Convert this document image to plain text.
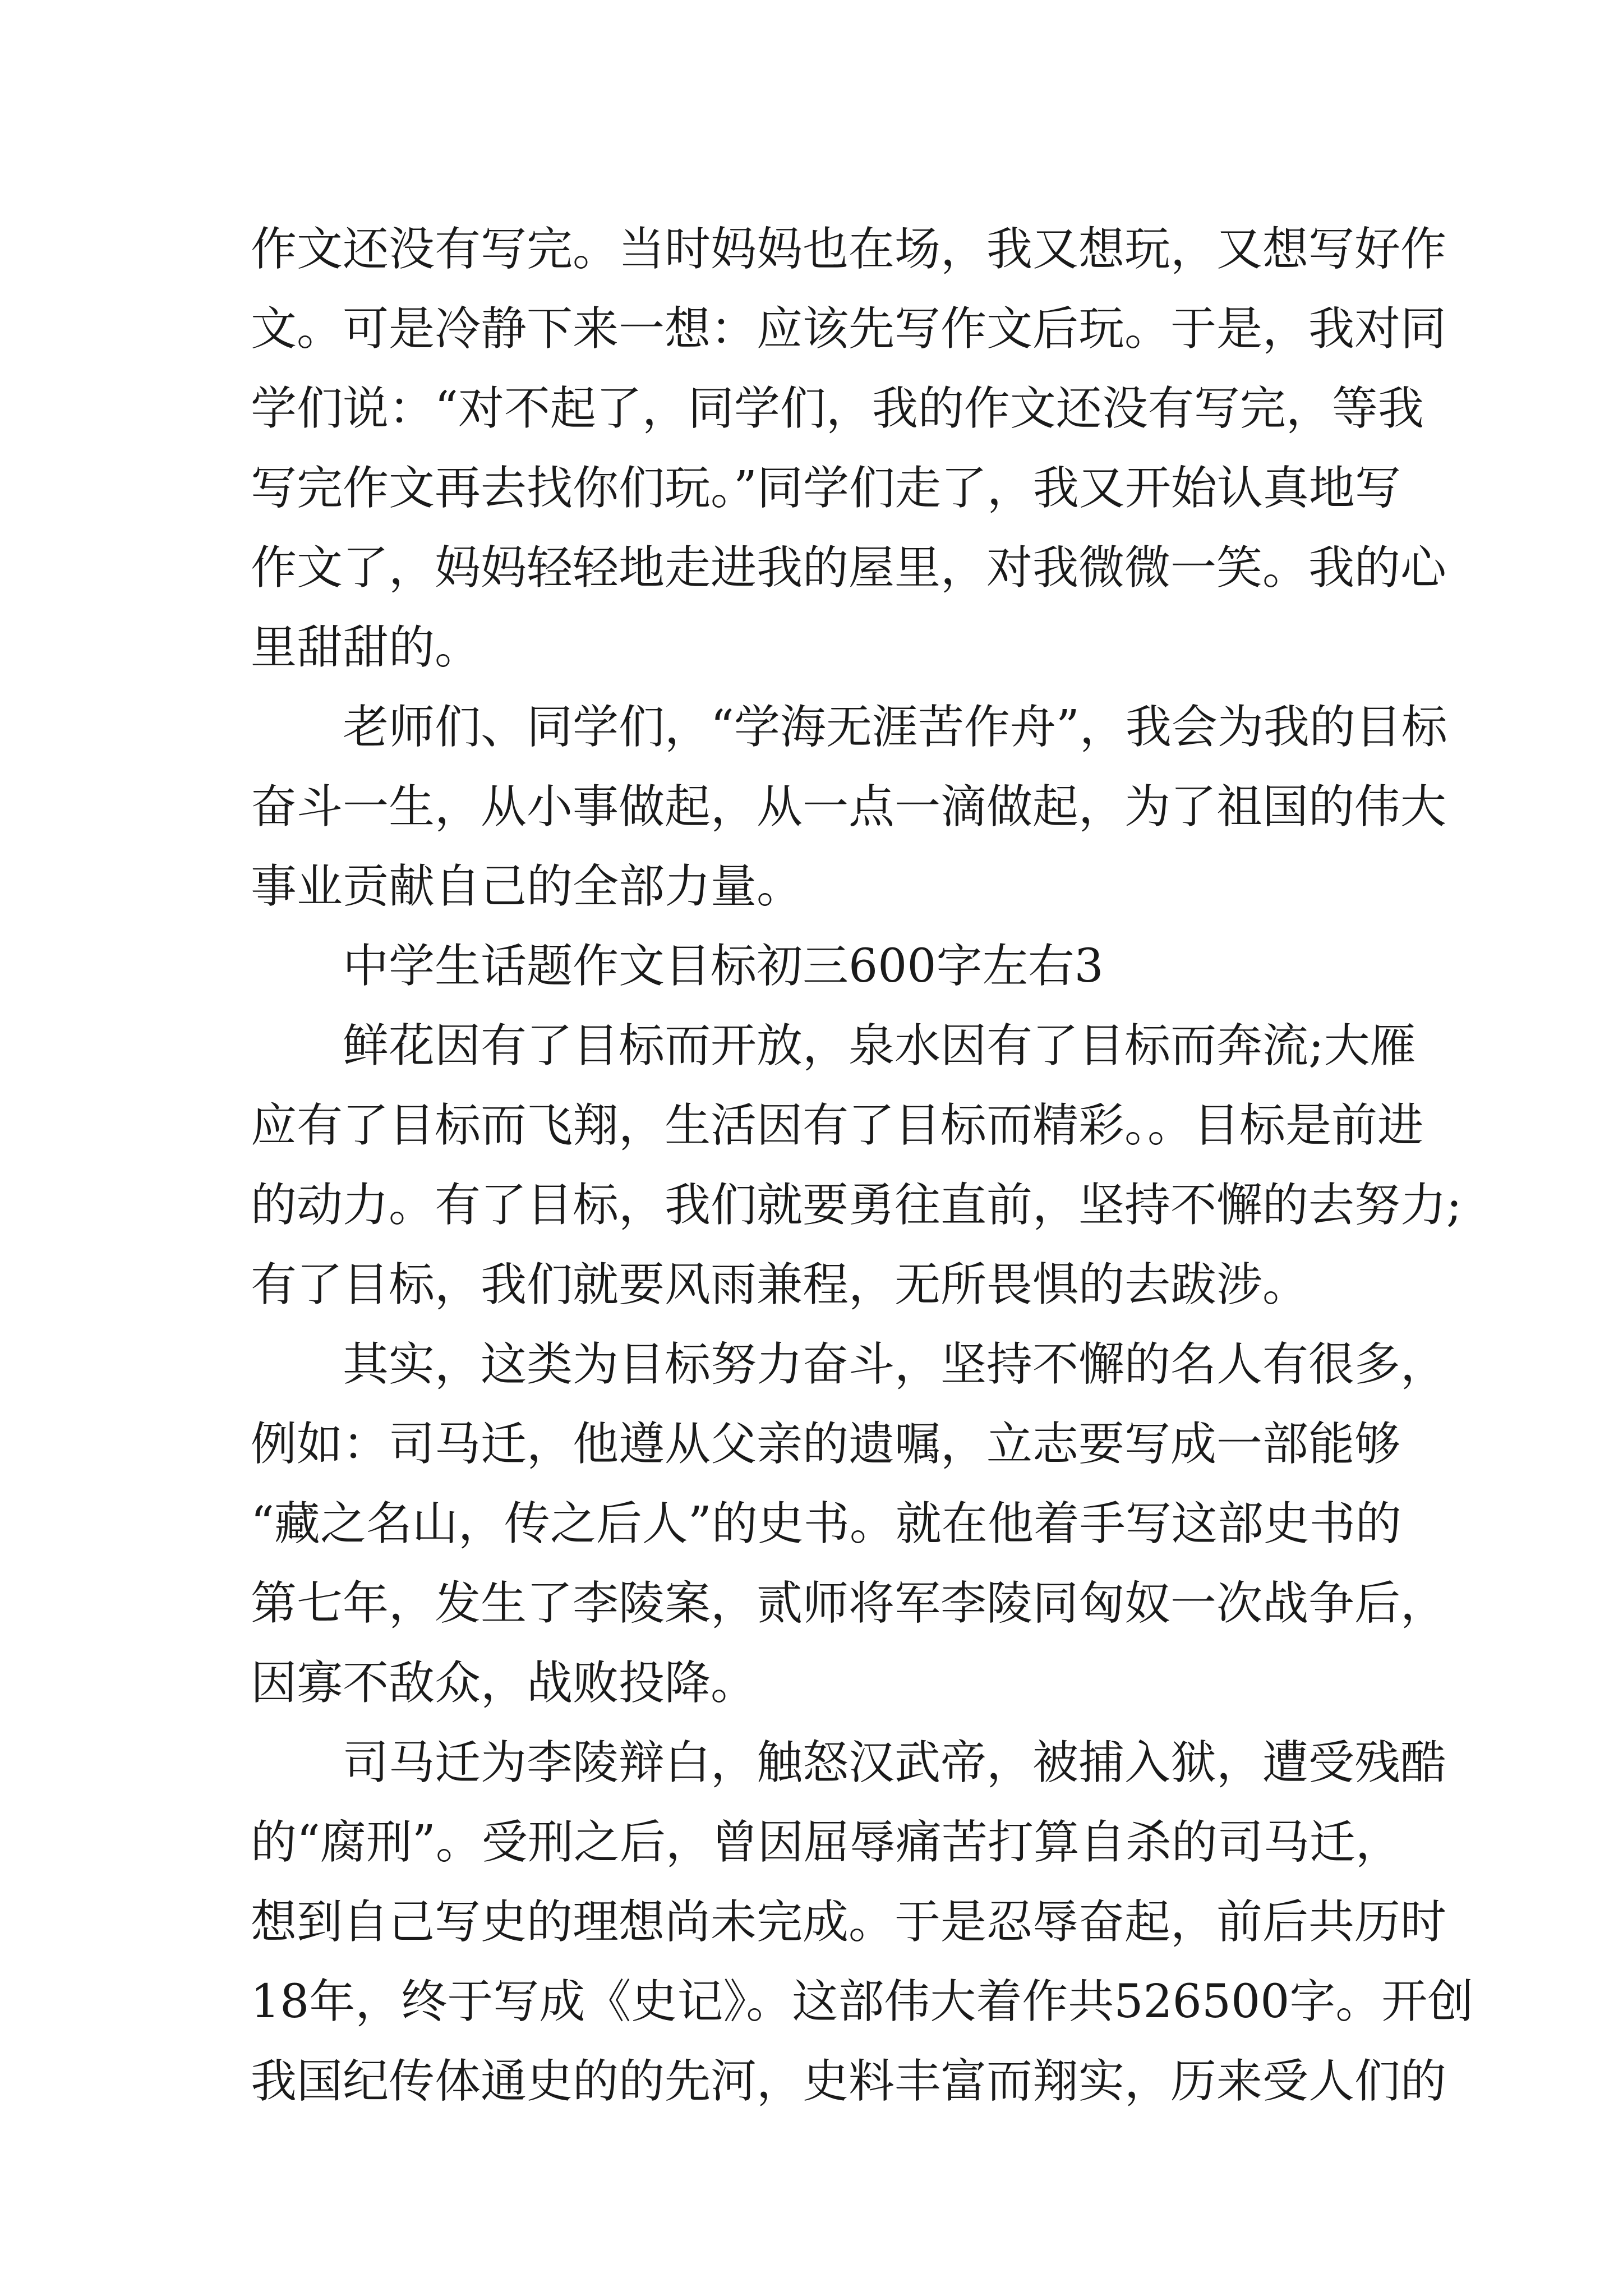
作文还没有写完。当时妈妈也在场，我又想玩，又想写好作
文。可是冷静下来一想：应该先写作文后玩。于是，我对同
学们说：“对不起了，同学们，我的作文还没有写完，等我
写完作文再去找你们玩。”同学们走了，我又开始认真地写
作文了，妈妈轻轻地走进我的屋里，对我微微一笑。我的心
里甜甜的。
老师们、同学们，“学海无涯苦作舟”，我会为我的目标
奋斗一生，从小事做起，从一点一滴做起，为了祖国的伟大
事业贡献自己的全部力量。
中学生话题作文目标初三600字左右3
鲜花因有了目标而开放，泉水因有了目标而奔流;大雁
应有了目标而飞翔，生活因有了目标而精彩。。目标是前进
的动力。有了目标，我们就要勇往直前，坚持不懈的去努力;
有了目标，我们就要风雨兼程，无所畏惧的去跋涉。
其实，这类为目标努力奋斗，坚持不懈的名人有很多，
例如：司马迁，他遵从父亲的遗嘱，立志要写成一部能够
“藏之名山，传之后人”的史书。就在他着手写这部史书的
第七年，发生了李陵案，贰师将军李陵同匈奴一次战争后，
因寡不敌众，战败投降。
司马迁为李陵辩白，触怒汉武帝，被捕入狱，遭受残酷
的“腐刑”。受刑之后，曾因屈辱痛苦打算自杀的司马迁，
想到自己写史的理想尚未完成。于是忍辱奋起，前后共历时
18年，终于写成《史记》。这部伟大着作共526500字。开创
我国纪传体通史的的先河，史料丰富而翔实，历来受人们的
